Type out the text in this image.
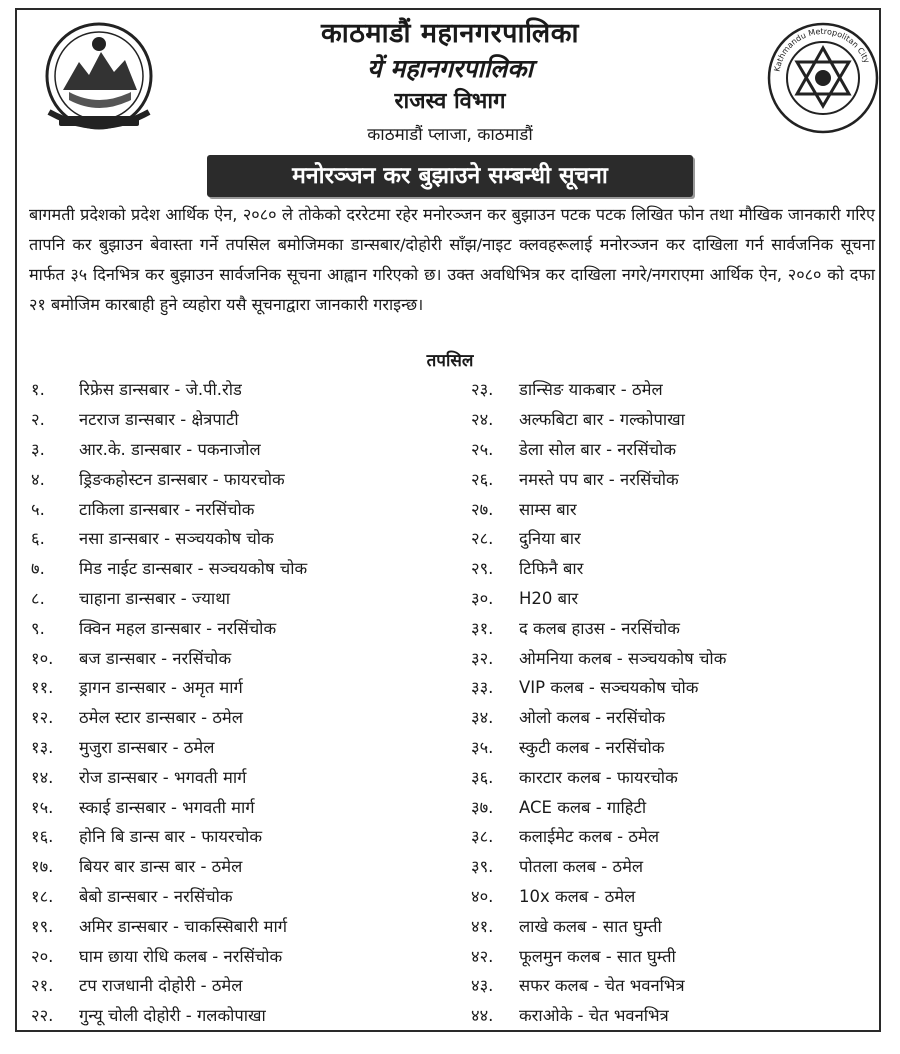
काठमाडौं महानगरपालिका
यें महानगरपालिका
राजस्व विभाग
काठमाडौं प्लाजा, काठमाडौं
Kathmandu Metropolitan City
मनोरञ्जन कर बुझाउने सम्बन्धी सूचना
बागमती प्रदेशको प्रदेश आर्थिक ऐन, २०८० ले तोकेको दररेटमा रहेर मनोरञ्जन कर बुझाउन पटक पटक लिखित फोन तथा मौखिक जानकारी गरिए तापनि कर बुझाउन बेवास्ता गर्ने तपसिल बमोजिमका डान्सबार/दोहोरी साँझ/नाइट क्लवहरूलाई मनोरञ्जन कर दाखिला गर्न सार्वजनिक सूचना मार्फत ३५ दिनभित्र कर बुझाउन सार्वजनिक सूचना आह्वान गरिएको छ। उक्त अवधिभित्र कर दाखिला नगरे/नगराएमा आर्थिक ऐन, २०८० को दफा २१ बमोजिम कारबाही हुने व्यहोरा यसै सूचनाद्वारा जानकारी गराइन्छ।
तपसिल
१.	रिफ्रेस डान्सबार - जे.पी.रोड
२.	नटराज डान्सबार - क्षेत्रपाटी
३.	आर.के. डान्सबार - पकनाजोल
४.	ड्रिङकहोस्टन डान्सबार - फायरचोक
५.	टाकिला डान्सबार - नरसिंचोक
६.	नसा डान्सबार - सञ्चयकोष चोक
७.	मिड नाईट डान्सबार - सञ्चयकोष चोक
८.	चाहाना डान्सबार - ज्याथा
९.	क्विन महल डान्सबार - नरसिंचोक
१०.	बज डान्सबार - नरसिंचोक
११.	ड्रागन डान्सबार - अमृत मार्ग
१२.	ठमेल स्टार डान्सबार - ठमेल
१३.	मुजुरा डान्सबार - ठमेल
१४.	रोज डान्सबार - भगवती मार्ग
१५.	स्काई डान्सबार - भगवती मार्ग
१६.	होनि बि डान्स बार - फायरचोक
१७.	बियर बार डान्स बार - ठमेल
१८.	बेबो डान्सबार - नरसिंचोक
१९.	अमिर डान्सबार - चाकस्सिबारी मार्ग
२०.	घाम छाया रोधि कलब - नरसिंचोक
२१.	टप राजधानी दोहोरी - ठमेल
२२.	गुन्यू चोली दोहोरी - गलकोपाखा
२३.	डान्सिङ याकबार - ठमेल
२४.	अल्फबिटा बार - गल्कोपाखा
२५.	डेला सोल बार - नरसिंचोक
२६.	नमस्ते पप बार - नरसिंचोक
२७.	साम्स बार
२८.	दुनिया बार
२९.	टिफिनै बार
३०.	H20 बार
३१.	द कलब हाउस - नरसिंचोक
३२.	ओमनिया कलब - सञ्चयकोष चोक
३३.	VIP कलब - सञ्चयकोष चोक
३४.	ओलो कलब - नरसिंचोक
३५.	स्कुटी कलब - नरसिंचोक
३६.	कारटार कलब - फायरचोक
३७.	ACE कलब - गाहिटी
३८.	कलाईमेट कलब - ठमेल
३९.	पोतला कलब - ठमेल
४०.	10x कलब - ठमेल
४१.	लाखे कलब - सात घुम्ती
४२.	फूलमुन कलब - सात घुम्ती
४३.	सफर कलब - चेत भवनभित्र
४४.	कराओके - चेत भवनभित्र
